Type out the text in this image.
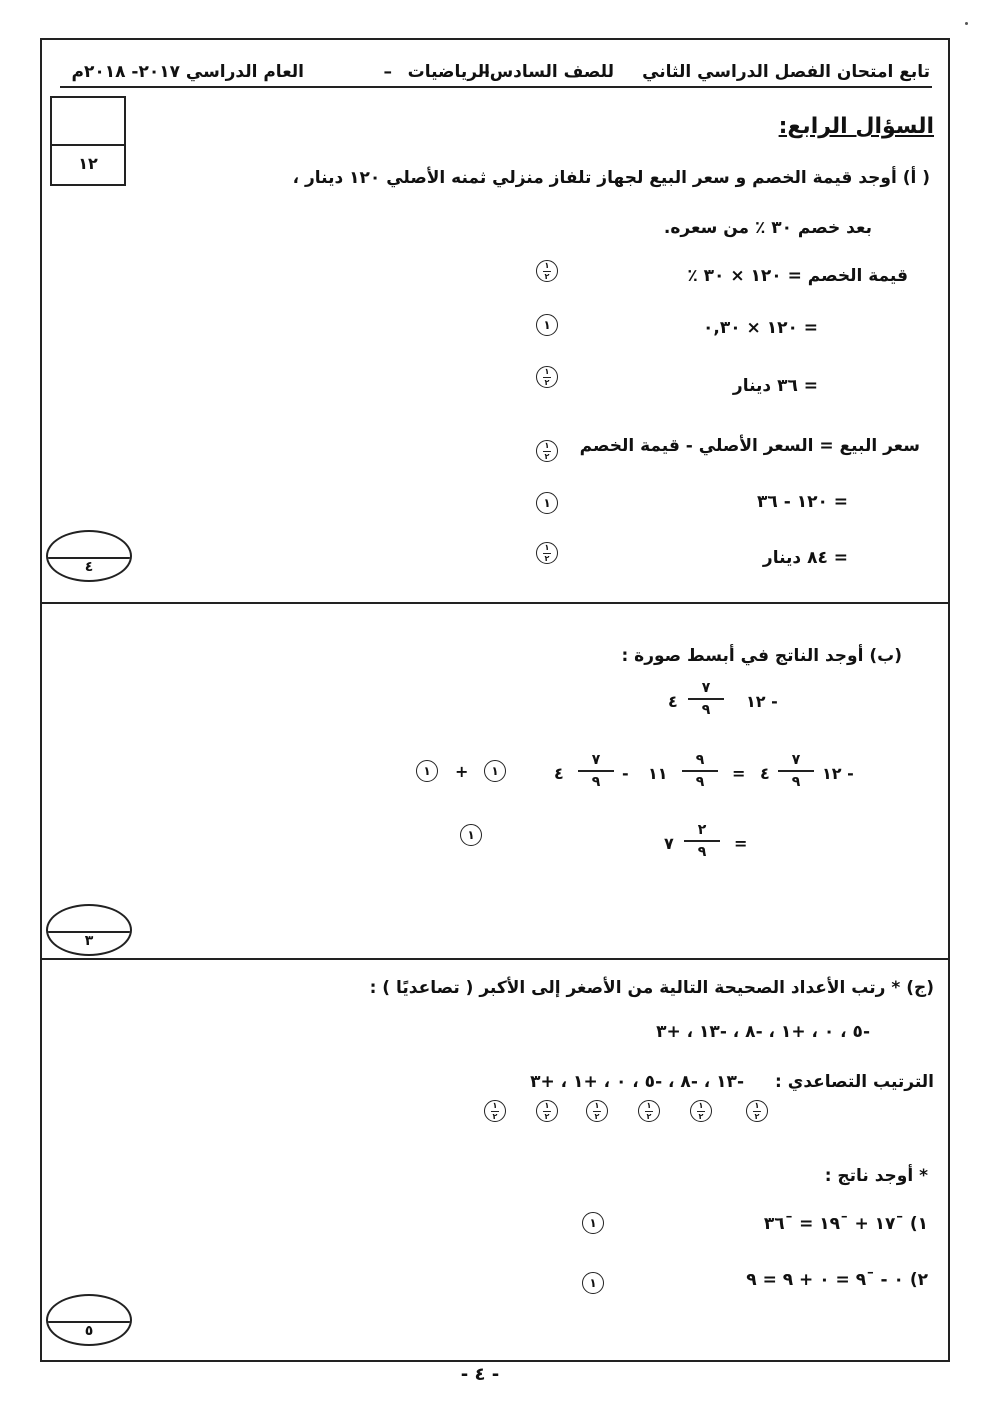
تابع امتحان الفصل الدراسي الثاني
للصف السادس–
الرياضيات
–
العام الدراسي ٢٠١٧- ٢٠١٨م
١٢
السؤال الرابع:
( أ) أوجد قيمة الخصم و سعر البيع لجهاز تلفاز منزلي ثمنه الأصلي ١٢٠ دينار ،
بعد خصم ٣٠ ٪ من سعره.
قيمة الخصم = ١٢٠ × ٣٠ ٪
= ١٢٠ × ٠,٣٠
= ٣٦ دينار
سعر البيع = السعر الأصلي - قيمة الخصم
= ١٢٠ - ٣٦
= ٨٤ دينار
١
٢
١
١
٢
١
٢
١
١
٢
٤
(ب) أوجد الناتج في أبسط صورة :
١٢ -
٧
٩
٤
١٢ -
٧
٩
٤
=
٩
٩
١١
-
٧
٩
٤
١	+	١
=
٢
٩
٧
١
٣
(ج) * رتب الأعداد الصحيحة التالية من الأصغر إلى الأكبر ( تصاعديًا ) :
-٥ ، ٠ ، +١ ، -٨ ، -١٣ ، +٣
الترتيب التصاعدي :
-١٣ ، -٨ ، -٥ ، ٠ ، +١ ، +٣
١
٢
١
٢
١
٢
١
٢
١
٢
١
٢
* أوجد ناتج :
١) ¯١٧ + ¯١٩ = ¯٣٦
١
٢) ٠ - ¯٩ = ٠ + ٩ = ٩
١
٥
- ٤ -
